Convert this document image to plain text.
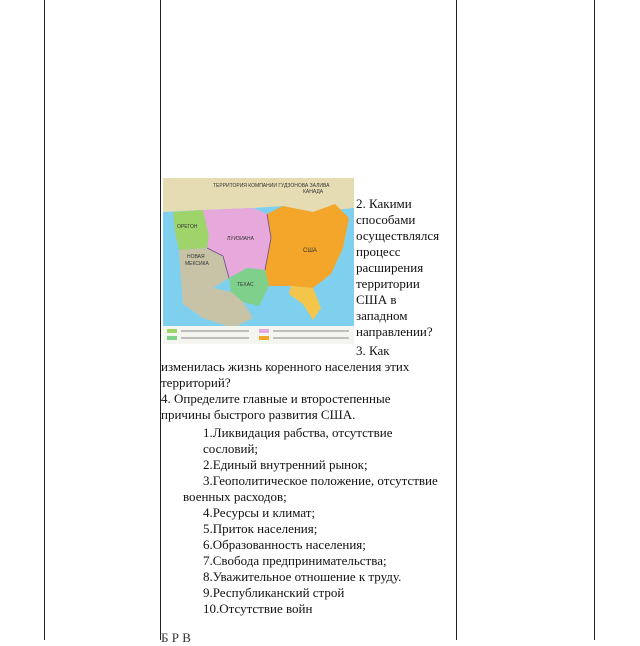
ТЕРРИТОРИЯ КОМПАНИИ ГУДЗОНОВА ЗАЛИВА
КАНАДА
ОРЕГОН
НОВАЯ
МЕКСИКА
ЛУИЗИАНА
ТЕХАС
США
2. Какими
способами
осуществлялся
процесс
расширения
территории
США в
западном
направлении?
3. Как
изменилась жизнь коренного населения этих
территорий?
4. Определите главные и второстепенные
причины быстрого развития США.
1.Ликвидация рабства, отсутствие
сословий;
2.Единый внутренний рынок;
3.Геополитическое положение, отсутствие
военных расходов;
4.Ресурсы и климат;
5.Приток населения;
6.Образованность населения;
7.Свобода предпринимательства;
8.Уважительное отношение к труду.
9.Республиканский строй
10.Отсутствие войн
Б Р В
